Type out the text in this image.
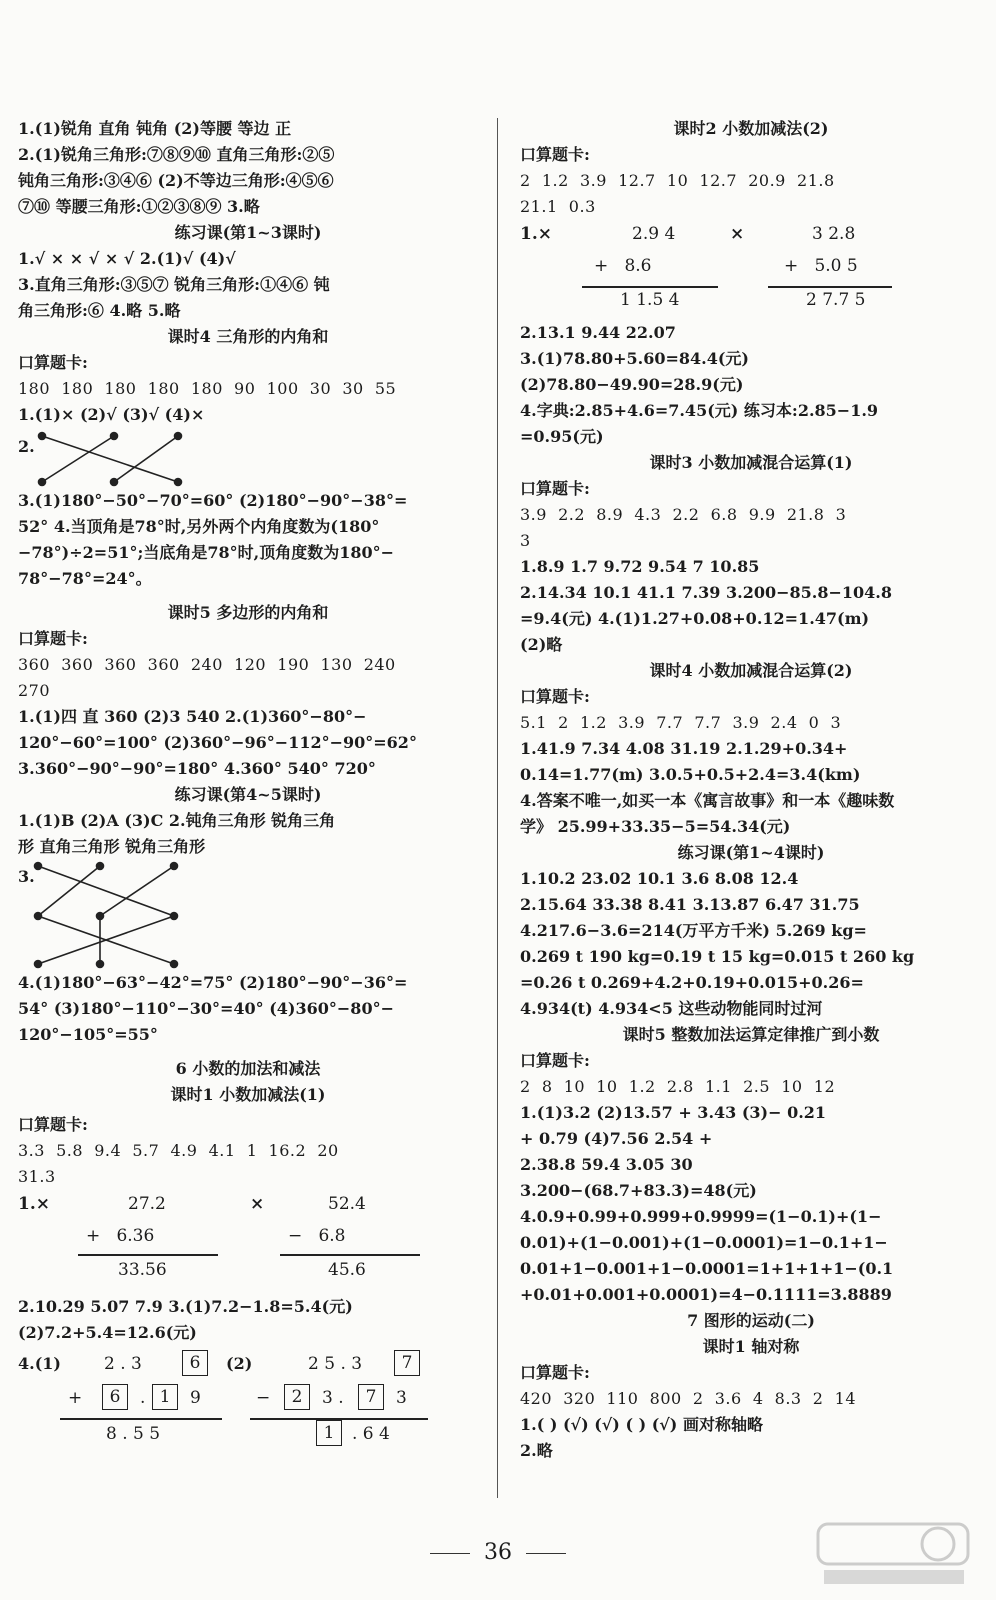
1.(1)锐角 直角 钝角 (2)等腰 等边 正
2.(1)锐角三角形:⑦⑧⑨⑩ 直角三角形:②⑤
钝角三角形:③④⑥ (2)不等边三角形:④⑤⑥
⑦⑩ 等腰三角形:①②③⑧⑨ 3.略
练习课(第1~3课时)
1.√ × × √ × √ 2.(1)√ (4)√
3.直角三角形:③⑤⑦ 锐角三角形:①④⑥ 钝
角三角形:⑥ 4.略 5.略
课时4 三角形的内角和
口算题卡:
180  180  180  180  180  90  100  30  30  55
1.(1)× (2)√ (3)√ (4)×
2.
3.(1)180°−50°−70°=60° (2)180°−90°−38°=
52° 4.当顶角是78°时,另外两个内角度数为(180°
−78°)÷2=51°;当底角是78°时,顶角度数为180°−
78°−78°=24°。
课时5 多边形的内角和
口算题卡:
360  360  360  360  240  120  190  130  240
270
1.(1)四 直 360 (2)3 540 2.(1)360°−80°−
120°−60°=100° (2)360°−96°−112°−90°=62°
3.360°−90°−90°=180° 4.360° 540° 720°
练习课(第4~5课时)
1.(1)B (2)A (3)C 2.钝角三角形 锐角三角
形 直角三角形 锐角三角形
3.
4.(1)180°−63°−42°=75° (2)180°−90°−36°=
54° (3)180°−110°−30°=40° (4)360°−80°−
120°−105°=55°
6 小数的加法和减法
课时1 小数加减法(1)
口算题卡:
3.3  5.8  9.4  5.7  4.9  4.1  1  16.2  20
31.3
1.×	27.2
+   6.36
33.56
×	52.4
−   6.8
45.6
2.10.29 5.07 7.9 3.(1)7.2−1.8=5.4(元)
(2)7.2+5.4=12.6(元)
4.(1)	2 . 3	6	(2)	2 5 . 3	7
+	6	. 1	9
8 . 5 5
−	2	3 .	7	3
1	. 6 4
课时2 小数加减法(2)
口算题卡:
2  1.2  3.9  12.7  10  12.7  20.9  21.8
21.1  0.3
1.×	2.9 4
+   8.6
1 1.5 4
×	3 2.8
+   5.0 5
2 7.7 5
2.13.1 9.44 22.07
3.(1)78.80+5.60=84.4(元)
(2)78.80−49.90=28.9(元)
4.字典:2.85+4.6=7.45(元) 练习本:2.85−1.9
=0.95(元)
课时3 小数加减混合运算(1)
口算题卡:
3.9  2.2  8.9  4.3  2.2  6.8  9.9  21.8  3
3
1.8.9 1.7 9.72 9.54 7 10.85
2.14.34 10.1 41.1 7.39 3.200−85.8−104.8
=9.4(元) 4.(1)1.27+0.08+0.12=1.47(m)
(2)略
课时4 小数加减混合运算(2)
口算题卡:
5.1  2  1.2  3.9  7.7  7.7  3.9  2.4  0  3
1.41.9 7.34 4.08 31.19 2.1.29+0.34+
0.14=1.77(m) 3.0.5+0.5+2.4=3.4(km)
4.答案不唯一,如买一本《寓言故事》和一本《趣味数
学》 25.99+33.35−5=54.34(元)
练习课(第1~4课时)
1.10.2 23.02 10.1 3.6 8.08 12.4
2.15.64 33.38 8.41 3.13.87 6.47 31.75
4.217.6−3.6=214(万平方千米) 5.269 kg=
0.269 t 190 kg=0.19 t 15 kg=0.015 t 260 kg
=0.26 t 0.269+4.2+0.19+0.015+0.26=
4.934(t) 4.934<5 这些动物能同时过河
课时5 整数加法运算定律推广到小数
口算题卡:
2  8  10  10  1.2  2.8  1.1  2.5  10  12
1.(1)3.2 (2)13.57 + 3.43 (3)− 0.21
+ 0.79 (4)7.56 2.54 +
2.38.8 59.4 3.05 30
3.200−(68.7+83.3)=48(元)
4.0.9+0.99+0.999+0.9999=(1−0.1)+(1−
0.01)+(1−0.001)+(1−0.0001)=1−0.1+1−
0.01+1−0.001+1−0.0001=1+1+1+1−(0.1
+0.01+0.001+0.0001)=4−0.1111=3.8889
7 图形的运动(二)
课时1 轴对称
口算题卡:
420  320  110  800  2  3.6  4  8.3  2  14
1.( ) (√) (√) ( ) (√) 画对称轴略
2.略
36
